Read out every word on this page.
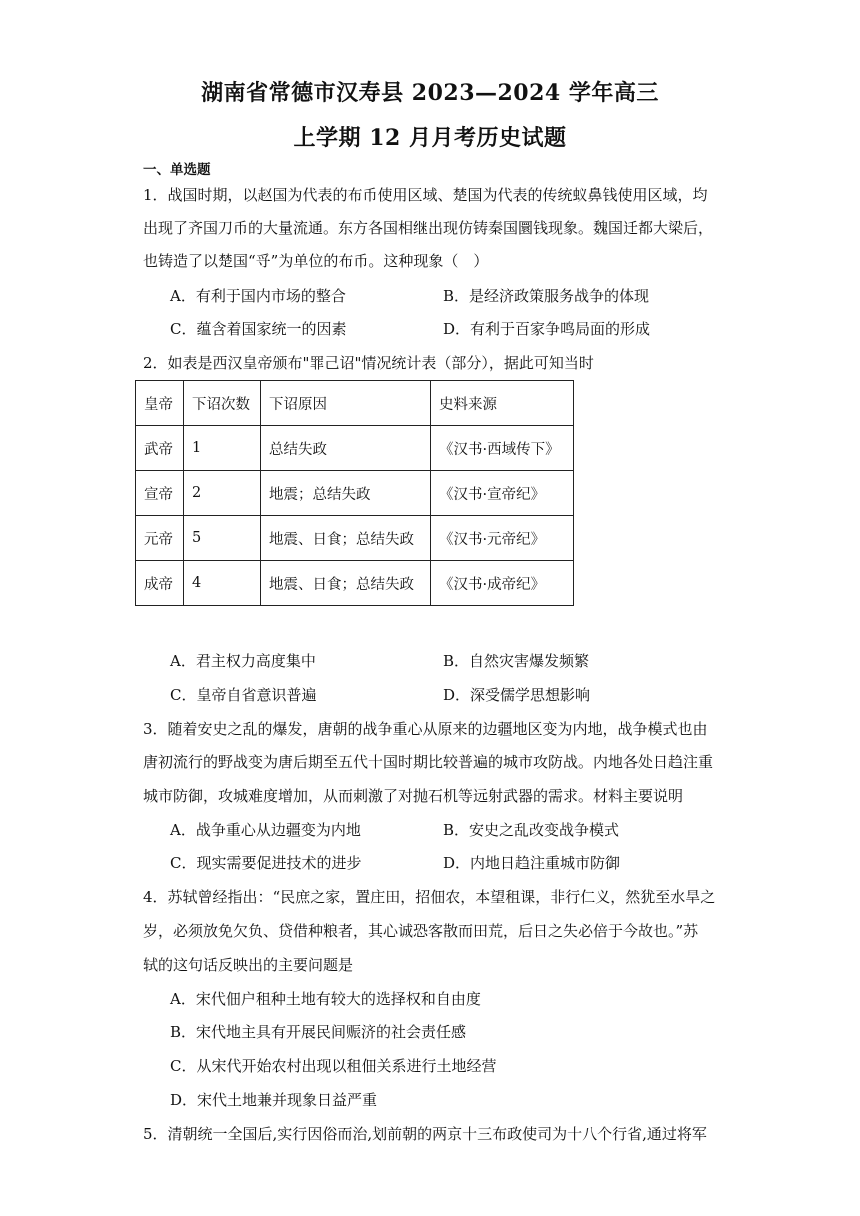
湖南省常德市汉寿县 2023—2024 学年高三
上学期 12 月月考历史试题
一、单选题
1．战国时期，以赵国为代表的布币使用区域、楚国为代表的传统蚁鼻钱使用区域，均
出现了齐国刀币的大量流通。东方各国相继出现仿铸秦国圜钱现象。魏国迁都大梁后，
也铸造了以楚国“寽”为单位的布币。这种现象（　）
A．有利于国内市场的整合	B．是经济政策服务战争的体现
C．蕴含着国家统一的因素	D．有利于百家争鸣局面的形成
2．如表是西汉皇帝颁布"罪己诏"情况统计表（部分），据此可知当时
皇帝	下诏次数	下诏原因	史料来源
武帝	1	总结失政	《汉书·西域传下》
宣帝	2	地震；总结失政	《汉书·宣帝纪》
元帝	5	地震、日食；总结失政	《汉书·元帝纪》
成帝	4	地震、日食；总结失政	《汉书·成帝纪》
A．君主权力高度集中	B．自然灾害爆发频繁
C．皇帝自省意识普遍	D．深受儒学思想影响
3．随着安史之乱的爆发，唐朝的战争重心从原来的边疆地区变为内地，战争模式也由
唐初流行的野战变为唐后期至五代十国时期比较普遍的城市攻防战。内地各处日趋注重
城市防御，攻城难度增加，从而刺激了对抛石机等远射武器的需求。材料主要说明
A．战争重心从边疆变为内地	B．安史之乱改变战争模式
C．现实需要促进技术的进步	D．内地日趋注重城市防御
4．苏轼曾经指出：“民庶之家，置庄田，招佃农，本望租课，非行仁义，然犹至水旱之
岁，必须放免欠负、贷借种粮者，其心诚恐客散而田荒，后日之失必倍于今故也。”苏
轼的这句话反映出的主要问题是
A．宋代佃户租种土地有较大的选择权和自由度
B．宋代地主具有开展民间赈济的社会责任感
C．从宋代开始农村出现以租佃关系进行土地经营
D．宋代土地兼并现象日益严重
5．清朝统一全国后,实行因俗而治,划前朝的两京十三布政使司为十八个行省,通过将军
